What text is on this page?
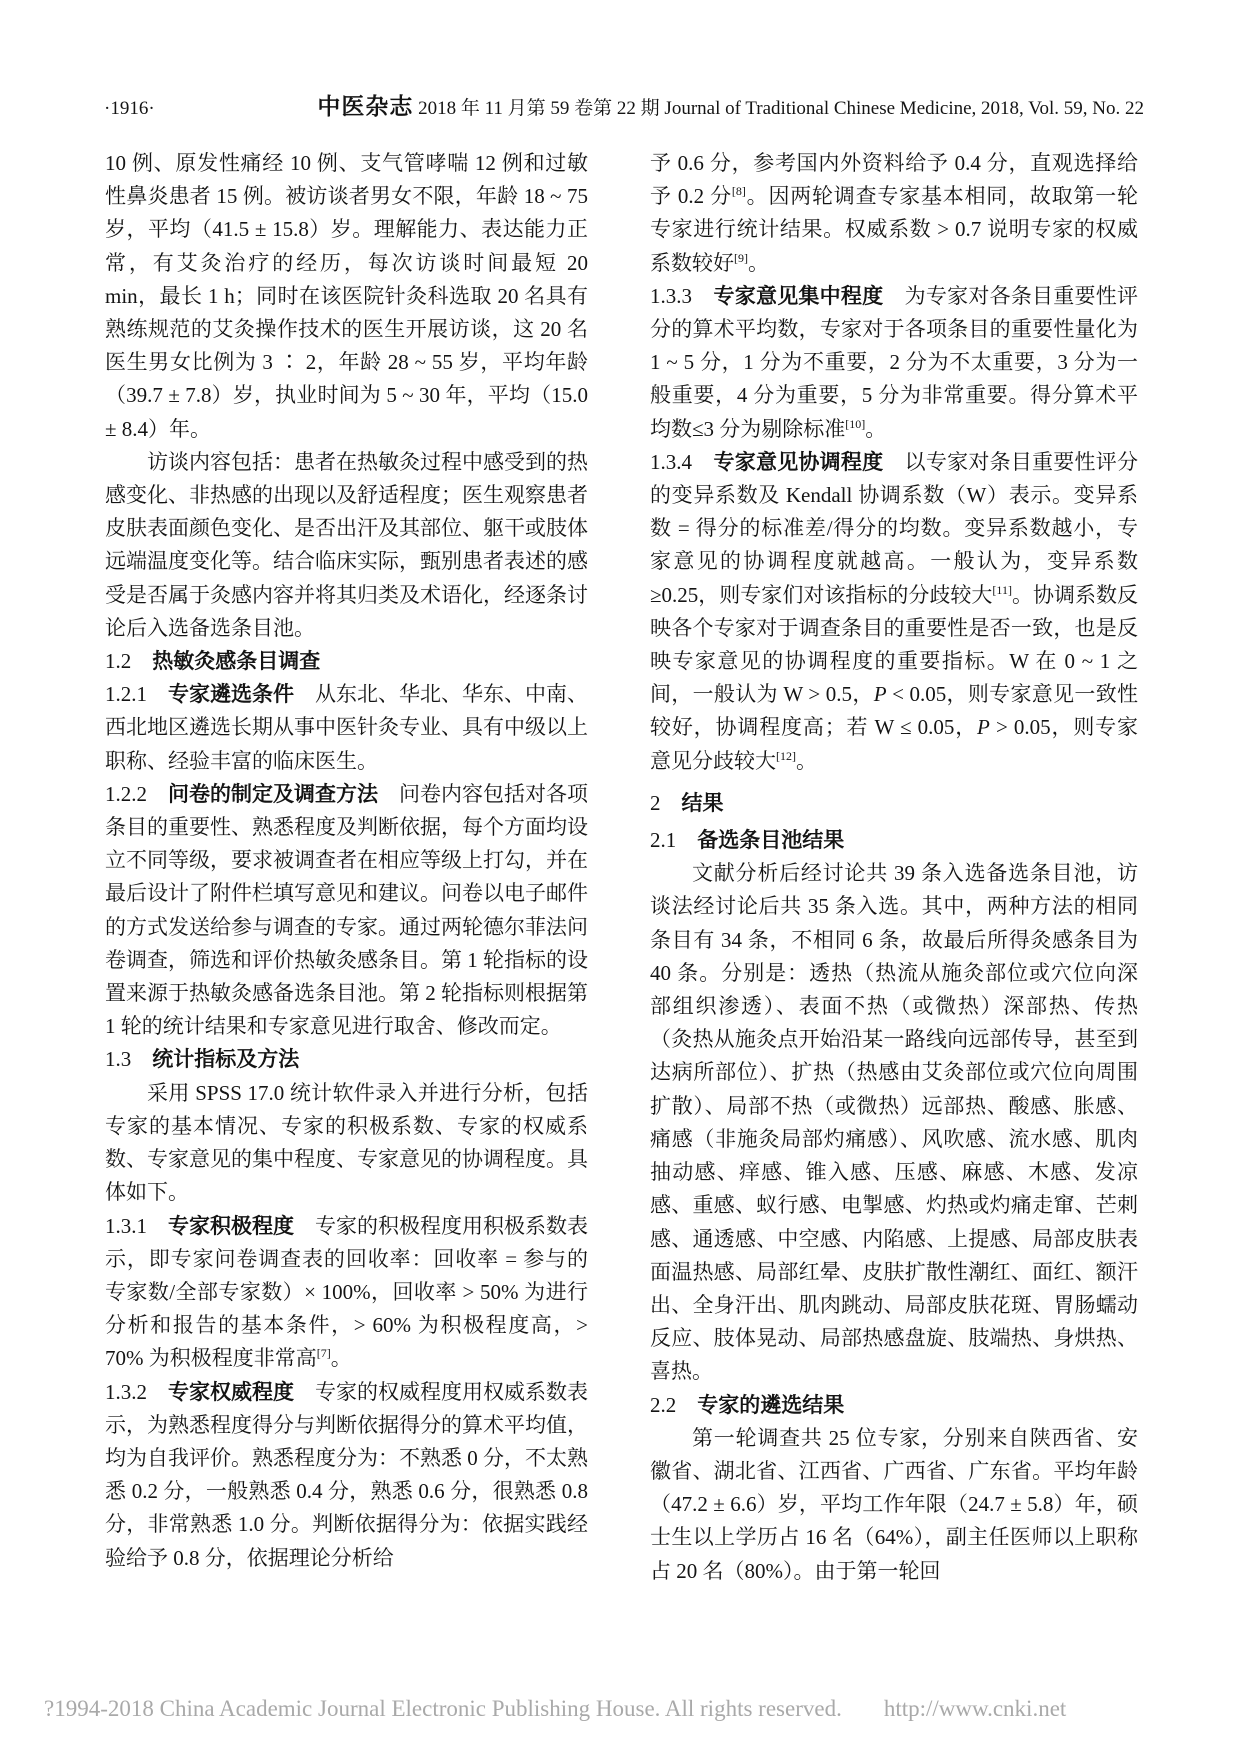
·1916·	中医杂志 2018 年 11 月第 59 卷第 22 期 Journal of Traditional Chinese Medicine, 2018, Vol. 59, No. 22
10 例、原发性痛经 10 例、支气管哮喘 12 例和过敏性鼻炎患者 15 例。被访谈者男女不限，年龄 18 ~ 75 岁，平均（41.5 ± 15.8）岁。理解能力、表达能力正常，有艾灸治疗的经历，每次访谈时间最短 20 min，最长 1 h；同时在该医院针灸科选取 20 名具有熟练规范的艾灸操作技术的医生开展访谈，这 20 名医生男女比例为 3 ∶ 2，年龄 28 ~ 55 岁，平均年龄（39.7 ± 7.8）岁，执业时间为 5 ~ 30 年，平均（15.0 ± 8.4）年。
访谈内容包括：患者在热敏灸过程中感受到的热感变化、非热感的出现以及舒适程度；医生观察患者皮肤表面颜色变化、是否出汗及其部位、躯干或肢体远端温度变化等。结合临床实际，甄别患者表述的感受是否属于灸感内容并将其归类及术语化，经逐条讨论后入选备选条目池。
1.2　热敏灸感条目调查
1.2.1　专家遴选条件　从东北、华北、华东、中南、西北地区遴选长期从事中医针灸专业、具有中级以上职称、经验丰富的临床医生。
1.2.2　问卷的制定及调查方法　问卷内容包括对各项条目的重要性、熟悉程度及判断依据，每个方面均设立不同等级，要求被调查者在相应等级上打勾，并在最后设计了附件栏填写意见和建议。问卷以电子邮件的方式发送给参与调查的专家。通过两轮德尔菲法问卷调查，筛选和评价热敏灸感条目。第 1 轮指标的设置来源于热敏灸感备选条目池。第 2 轮指标则根据第 1 轮的统计结果和专家意见进行取舍、修改而定。
1.3　统计指标及方法
采用 SPSS 17.0 统计软件录入并进行分析，包括专家的基本情况、专家的积极系数、专家的权威系数、专家意见的集中程度、专家意见的协调程度。具体如下。
1.3.1　专家积极程度　专家的积极程度用积极系数表示，即专家问卷调查表的回收率：回收率 = 参与的专家数/全部专家数）× 100%，回收率 > 50% 为进行分析和报告的基本条件，> 60% 为积极程度高，> 70% 为积极程度非常高[7]。
1.3.2　专家权威程度　专家的权威程度用权威系数表示，为熟悉程度得分与判断依据得分的算术平均值，均为自我评价。熟悉程度分为：不熟悉 0 分，不太熟悉 0.2 分，一般熟悉 0.4 分，熟悉 0.6 分，很熟悉 0.8 分，非常熟悉 1.0 分。判断依据得分为：依据实践经验给予 0.8 分，依据理论分析给
予 0.6 分，参考国内外资料给予 0.4 分，直观选择给予 0.2 分[8]。因两轮调查专家基本相同，故取第一轮专家进行统计结果。权威系数 > 0.7 说明专家的权威系数较好[9]。
1.3.3　专家意见集中程度　为专家对各条目重要性评分的算术平均数，专家对于各项条目的重要性量化为 1 ~ 5 分，1 分为不重要，2 分为不太重要，3 分为一般重要，4 分为重要，5 分为非常重要。得分算术平均数≤3 分为剔除标准[10]。
1.3.4　专家意见协调程度　以专家对条目重要性评分的变异系数及 Kendall 协调系数（W）表示。变异系数 = 得分的标准差/得分的均数。变异系数越小，专家意见的协调程度就越高。一般认为，变异系数≥0.25，则专家们对该指标的分歧较大[11]。协调系数反映各个专家对于调查条目的重要性是否一致，也是反映专家意见的协调程度的重要指标。W 在 0 ~ 1 之间，一般认为 W > 0.5，P < 0.05，则专家意见一致性较好，协调程度高；若 W ≤ 0.05，P > 0.05，则专家意见分歧较大[12]。
2　结果
2.1　备选条目池结果
文献分析后经讨论共 39 条入选备选条目池，访谈法经讨论后共 35 条入选。其中，两种方法的相同条目有 34 条，不相同 6 条，故最后所得灸感条目为 40 条。分别是：透热（热流从施灸部位或穴位向深部组织渗透）、表面不热（或微热）深部热、传热（灸热从施灸点开始沿某一路线向远部传导，甚至到达病所部位）、扩热（热感由艾灸部位或穴位向周围扩散）、局部不热（或微热）远部热、酸感、胀感、痛感（非施灸局部灼痛感）、风吹感、流水感、肌肉抽动感、痒感、锥入感、压感、麻感、木感、发凉感、重感、蚁行感、电掣感、灼热或灼痛走窜、芒刺感、通透感、中空感、内陷感、上提感、局部皮肤表面温热感、局部红晕、皮肤扩散性潮红、面红、额汗出、全身汗出、肌肉跳动、局部皮肤花斑、胃肠蠕动反应、肢体晃动、局部热感盘旋、肢端热、身烘热、喜热。
2.2　专家的遴选结果
第一轮调查共 25 位专家，分别来自陕西省、安徽省、湖北省、江西省、广西省、广东省。平均年龄（47.2 ± 6.6）岁，平均工作年限（24.7 ± 5.8）年，硕士生以上学历占 16 名（64%），副主任医师以上职称占 20 名（80%）。由于第一轮回
?1994-2018 China Academic Journal Electronic Publishing House. All rights reserved. http://www.cnki.net
